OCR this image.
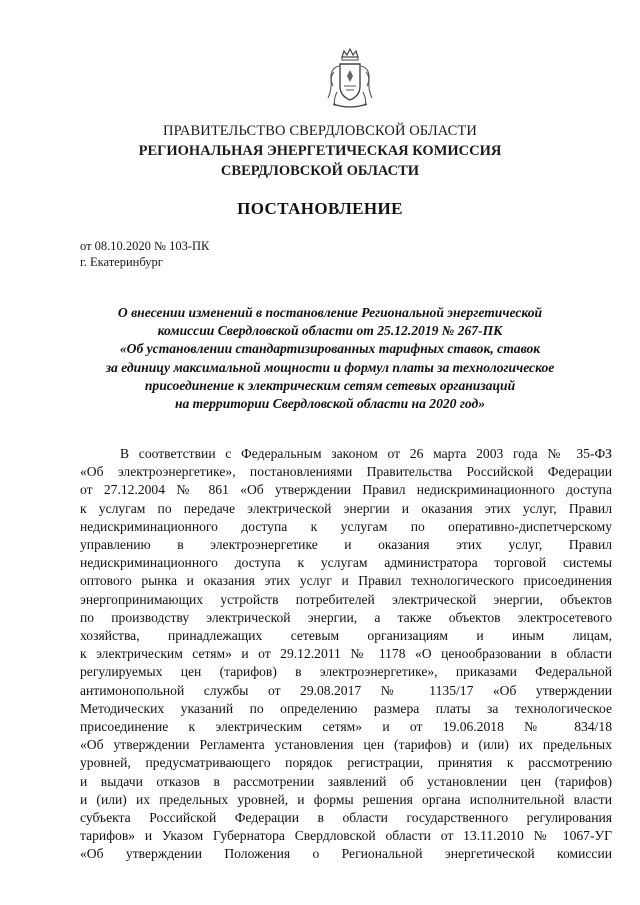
ПРАВИТЕЛЬСТВО СВЕРДЛОВСКОЙ ОБЛАСТИ
РЕГИОНАЛЬНАЯ ЭНЕРГЕТИЧЕСКАЯ КОМИССИЯ
СВЕРДЛОВСКОЙ ОБЛАСТИ
ПОСТАНОВЛЕНИЕ
от 08.10.2020 № 103-ПК
г. Екатеринбург
О внесении изменений в постановление Региональной энергетической
комиссии Свердловской области от 25.12.2019 № 267-ПК
«Об установлении стандартизированных тарифных ставок, ставок
за единицу максимальной мощности и формул платы за технологическое
присоединение к электрическим сетям сетевых организаций
на территории Свердловской области на 2020 год»
В соответствии с Федеральным законом от 26 марта 2003 года № 35-ФЗ
«Об электроэнергетике», постановлениями Правительства Российской Федерации
от 27.12.2004 № 861 «Об утверждении Правил недискриминационного доступа
к услугам по передаче электрической энергии и оказания этих услуг, Правил
недискриминационного доступа к услугам по оперативно-диспетчерскому
управлению в электроэнергетике и оказания этих услуг, Правил
недискриминационного доступа к услугам администратора торговой системы
оптового рынка и оказания этих услуг и Правил технологического присоединения
энергопринимающих устройств потребителей электрической энергии, объектов
по производству электрической энергии, а также объектов электросетевого
хозяйства, принадлежащих сетевым организациям и иным лицам,
к электрическим сетям» и от 29.12.2011 № 1178 «О ценообразовании в области
регулируемых цен (тарифов) в электроэнергетике», приказами Федеральной
антимонопольной службы от 29.08.2017 № 1135/17 «Об утверждении
Методических указаний по определению размера платы за технологическое
присоединение к электрическим сетям» и от 19.06.2018 № 834/18
«Об утверждении Регламента установления цен (тарифов) и (или) их предельных
уровней, предусматривающего порядок регистрации, принятия к рассмотрению
и выдачи отказов в рассмотрении заявлений об установлении цен (тарифов)
и (или) их предельных уровней, и формы решения органа исполнительной власти
субъекта Российской Федерации в области государственного регулирования
тарифов» и Указом Губернатора Свердловской области от 13.11.2010 № 1067-УГ
«Об утверждении Положения о Региональной энергетической комиссии
